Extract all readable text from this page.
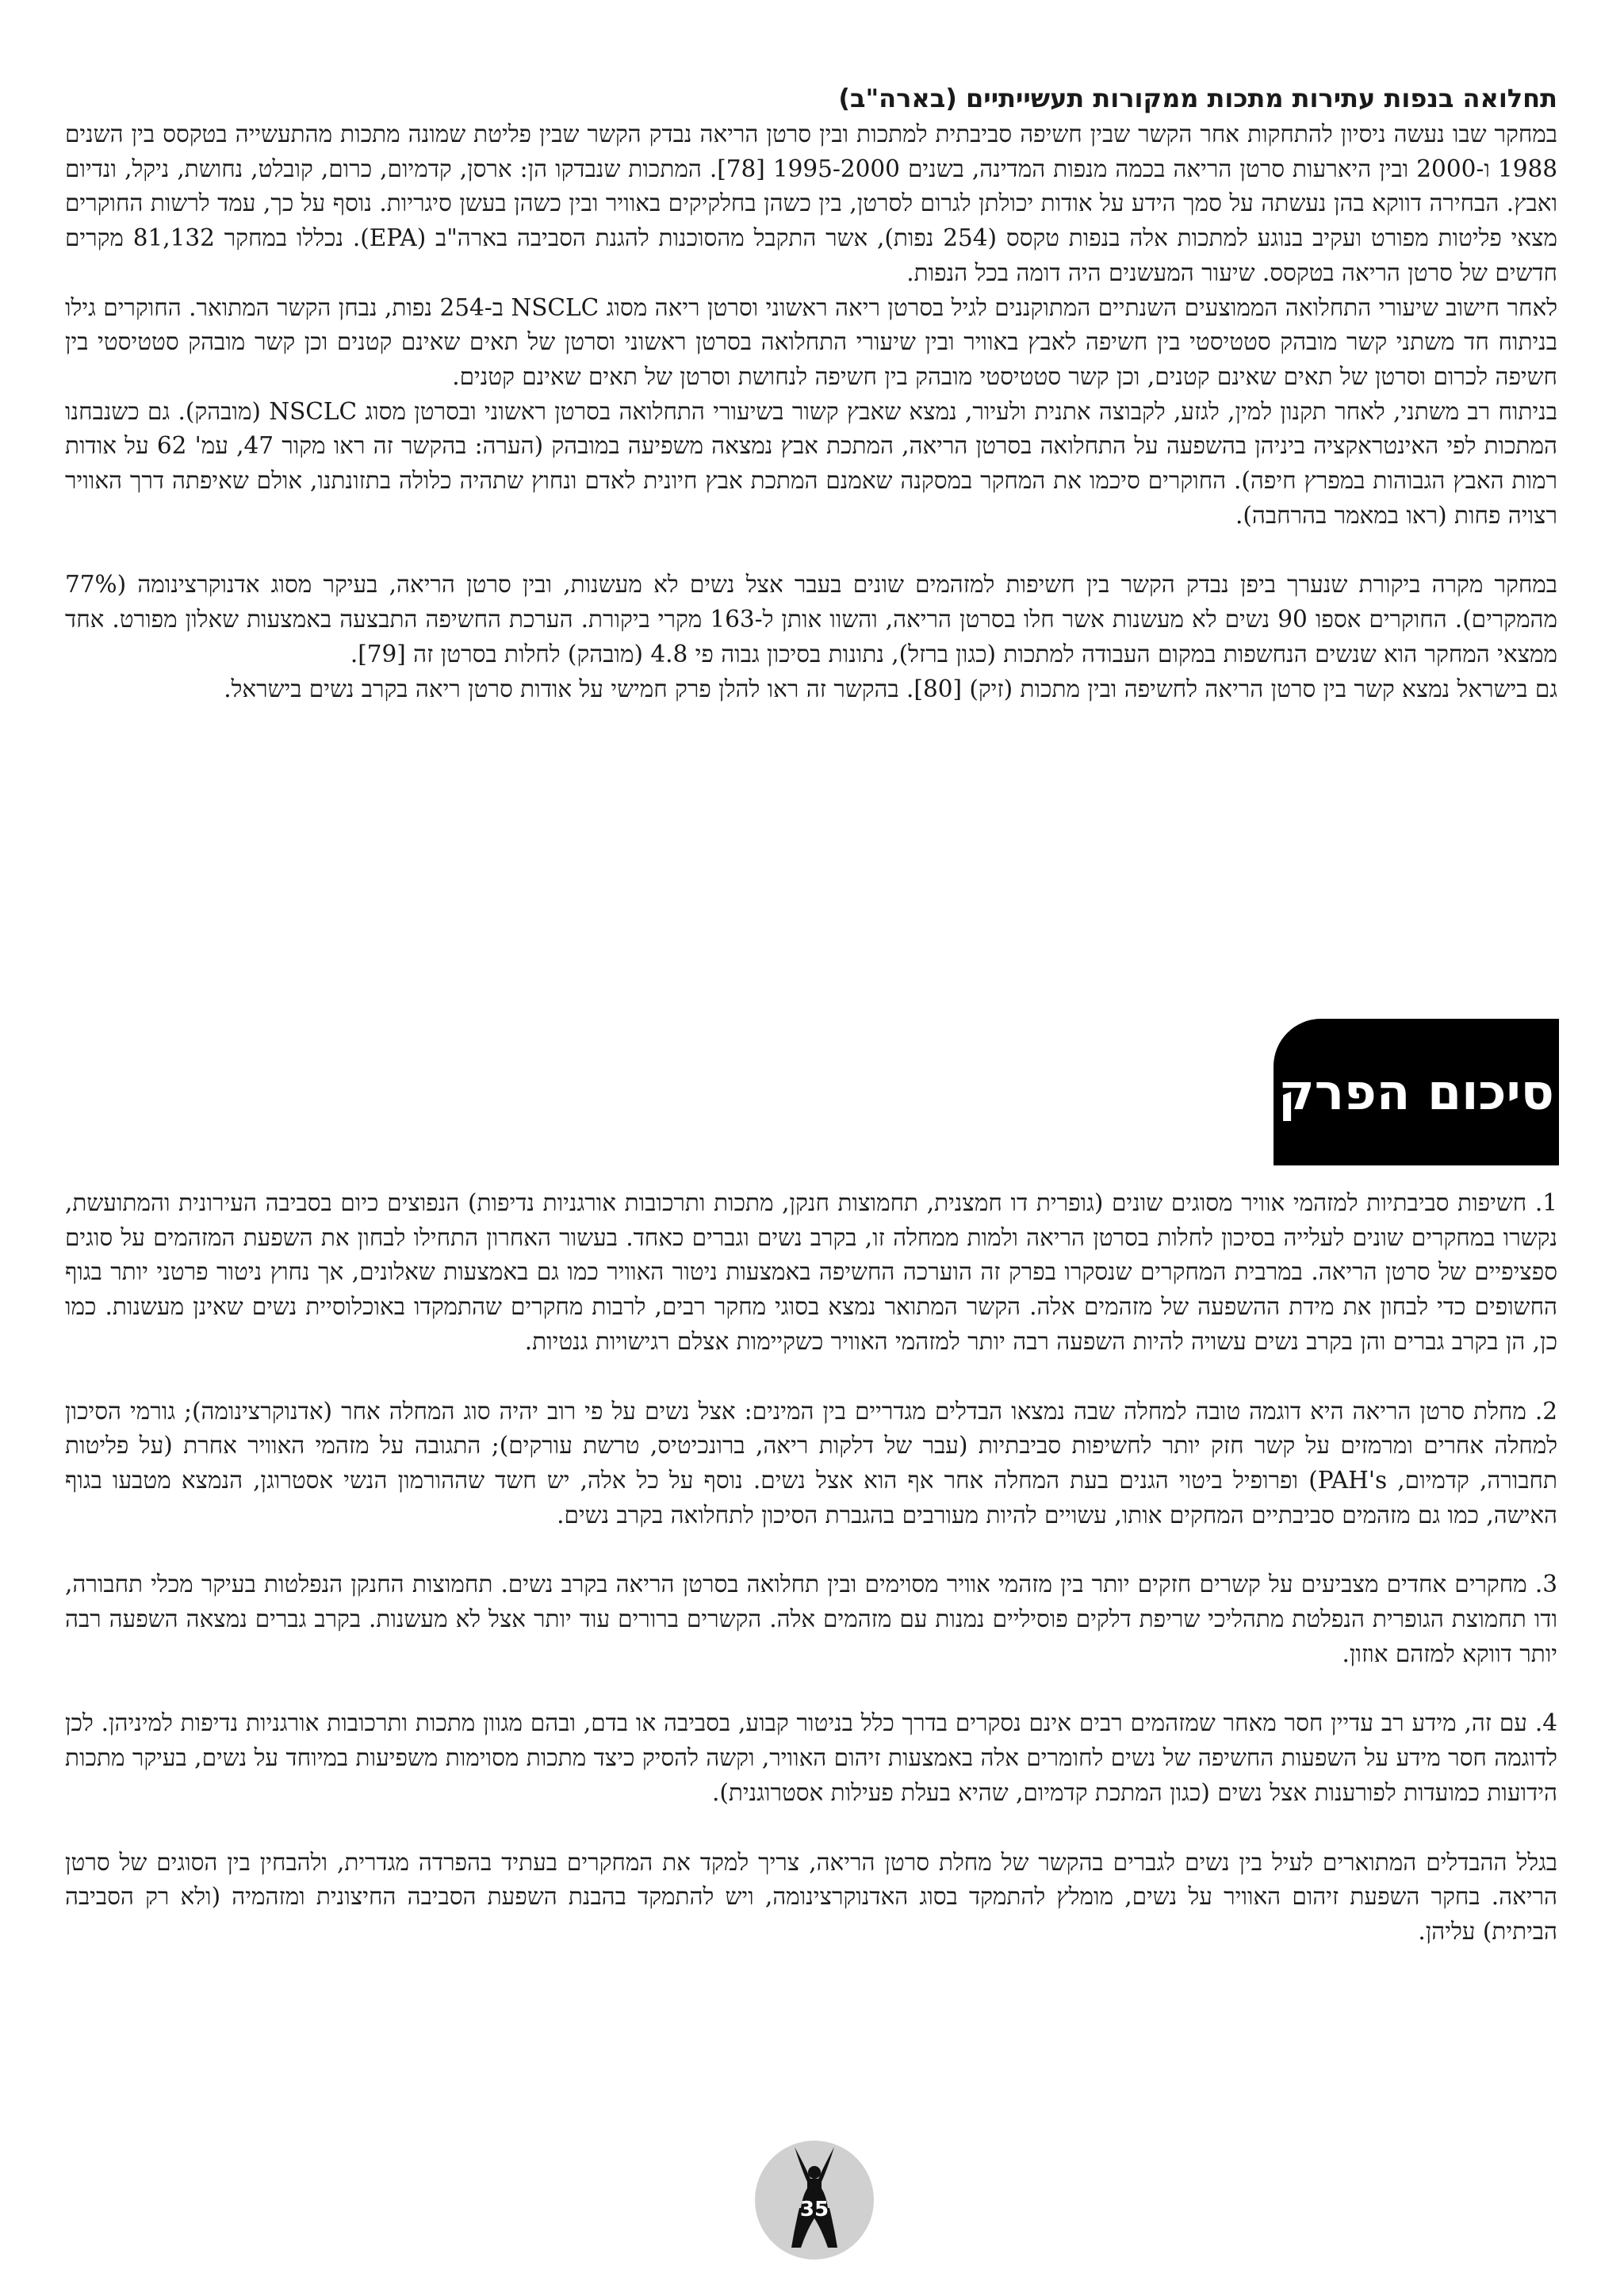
תחלואה בנפות עתירות מתכות ממקורות תעשייתיים (בארה"ב)

במחקר שבו נעשה ניסיון להתחקות אחר הקשר שבין חשיפה סביבתית למתכות ובין סרטן הריאה נבדק הקשר שבין פליטת שמונה מתכות מהתעשייה בטקסס בין השנים 1988 ו-2000 ובין היארעות סרטן הריאה בכמה מנפות המדינה, בשנים 1995-2000 [78]. המתכות שנבדקו הן: ארסן, קדמיום, כרום, קובלט, נחושת, ניקל, ונדיום ואבץ. הבחירה דווקא בהן נעשתה על סמך הידע על אודות יכולתן לגרום לסרטן, בין כשהן בחלקיקים באוויר ובין כשהן בעשן סיגריות. נוסף על כך, עמד לרשות החוקרים מצאי פליטות מפורט ועקיב בנוגע למתכות אלה בנפות טקסס (254 נפות), אשר התקבל מהסוכנות להגנת הסביבה בארה"ב (EPA). נכללו במחקר 81,132 מקרים חדשים של סרטן הריאה בטקסס. שיעור המעשנים היה דומה בכל הנפות.

לאחר חישוב שיעורי התחלואה הממוצעים השנתיים המתוקננים לגיל בסרטן ריאה ראשוני וסרטן ריאה מסוג NSCLC ב-254 נפות, נבחן הקשר המתואר. החוקרים גילו בניתוח חד משתני קשר מובהק סטטיסטי בין חשיפה לאבץ באוויר ובין שיעורי התחלואה בסרטן ראשוני וסרטן של תאים שאינם קטנים וכן קשר מובהק סטטיסטי בין חשיפה לכרום וסרטן של תאים שאינם קטנים, וכן קשר סטטיסטי מובהק בין חשיפה לנחושת וסרטן של תאים שאינם קטנים.

בניתוח רב משתני, לאחר תקנון למין, לגזע, לקבוצה אתנית ולעיור, נמצא שאבץ קשור בשיעורי התחלואה בסרטן ראשוני ובסרטן מסוג NSCLC (מובהק). גם כשנבחנו המתכות לפי האינטראקציה ביניהן בהשפעה על התחלואה בסרטן הריאה, המתכת אבץ נמצאה משפיעה במובהק (הערה: בהקשר זה ראו מקור 47, עמ' 62 על אודות רמות האבץ הגבוהות במפרץ חיפה). החוקרים סיכמו את המחקר במסקנה שאמנם המתכת אבץ חיונית לאדם ונחוץ שתהיה כלולה בתזונתנו, אולם שאיפתה דרך האוויר רצויה פחות (ראו במאמר בהרחבה).

במחקר מקרה ביקורת שנערך ביפן נבדק הקשר בין חשיפות למזהמים שונים בעבר אצל נשים לא מעשנות, ובין סרטן הריאה, בעיקר מסוג אדנוקרצינומה (77% מהמקרים). החוקרים אספו 90 נשים לא מעשנות אשר חלו בסרטן הריאה, והשוו אותן ל-163 מקרי ביקורת. הערכת החשיפה התבצעה באמצעות שאלון מפורט. אחד ממצאי המחקר הוא שנשים הנחשפות במקום העבודה למתכות (כגון ברזל), נתונות בסיכון גבוה פי 4.8 (מובהק) לחלות בסרטן זה [79].

גם בישראל נמצא קשר בין סרטן הריאה לחשיפה ובין מתכות (זיק) [80]. בהקשר זה ראו להלן פרק חמישי על אודות סרטן ריאה בקרב נשים בישראל.

סיכום הפרק

1. חשיפות סביבתיות למזהמי אוויר מסוגים שונים (גופרית דו חמצנית, תחמוצות חנקן, מתכות ותרכובות אורגניות נדיפות) הנפוצים כיום בסביבה העירונית והמתועשת, נקשרו במחקרים שונים לעלייה בסיכון לחלות בסרטן הריאה ולמות ממחלה זו, בקרב נשים וגברים כאחד. בעשור האחרון התחילו לבחון את השפעת המזהמים על סוגים ספציפיים של סרטן הריאה. במרבית המחקרים שנסקרו בפרק זה הוערכה החשיפה באמצעות ניטור האוויר כמו גם באמצעות שאלונים, אך נחוץ ניטור פרטני יותר בגוף החשופים כדי לבחון את מידת ההשפעה של מזהמים אלה. הקשר המתואר נמצא בסוגי מחקר רבים, לרבות מחקרים שהתמקדו באוכלוסיית נשים שאינן מעשנות. כמו כן, הן בקרב גברים והן בקרב נשים עשויה להיות השפעה רבה יותר למזהמי האוויר כשקיימות אצלם רגישויות גנטיות.

2. מחלת סרטן הריאה היא דוגמה טובה למחלה שבה נמצאו הבדלים מגדריים בין המינים: אצל נשים על פי רוב יהיה סוג המחלה אחר (אדנוקרצינומה); גורמי הסיכון למחלה אחרים ומרמזים על קשר חזק יותר לחשיפות סביבתיות (עבר של דלקות ריאה, ברונכיטיס, טרשת עורקים); התגובה על מזהמי האוויר אחרת (על פליטות תחבורה, קדמיום, PAH's) ופרופיל ביטוי הגנים בעת המחלה אחר אף הוא אצל נשים. נוסף על כל אלה, יש חשד שההורמון הנשי אסטרוגן, הנמצא מטבעו בגוף האישה, כמו גם מזהמים סביבתיים המחקים אותו, עשויים להיות מעורבים בהגברת הסיכון לתחלואה בקרב נשים.

3. מחקרים אחדים מצביעים על קשרים חזקים יותר בין מזהמי אוויר מסוימים ובין תחלואה בסרטן הריאה בקרב נשים. תחמוצות החנקן הנפלטות בעיקר מכלי תחבורה, ודו תחמוצת הגופרית הנפלטת מתהליכי שריפת דלקים פוסיליים נמנות עם מזהמים אלה. הקשרים ברורים עוד יותר אצל לא מעשנות. בקרב גברים נמצאה השפעה רבה יותר דווקא למזהם אוזון.

4. עם זה, מידע רב עדיין חסר מאחר שמזהמים רבים אינם נסקרים בדרך כלל בניטור קבוע, בסביבה או בדם, ובהם מגוון מתכות ותרכובות אורגניות נדיפות למיניהן. לכן לדוגמה חסר מידע על השפעות החשיפה של נשים לחומרים אלה באמצעות זיהום האוויר, וקשה להסיק כיצד מתכות מסוימות משפיעות במיוחד על נשים, בעיקר מתכות הידועות כמועדות לפורענות אצל נשים (כגון המתכת קדמיום, שהיא בעלת פעילות אסטרוגנית).

בגלל ההבדלים המתוארים לעיל בין נשים לגברים בהקשר של מחלת סרטן הריאה, צריך למקד את המחקרים בעתיד בהפרדה מגדרית, ולהבחין בין הסוגים של סרטן הריאה. בחקר השפעת זיהום האוויר על נשים, מומלץ להתמקד בסוג האדנוקרצינומה, ויש להתמקד בהבנת השפעת הסביבה החיצונית ומזהמיה (ולא רק הסביבה הביתית) עליהן.

35
